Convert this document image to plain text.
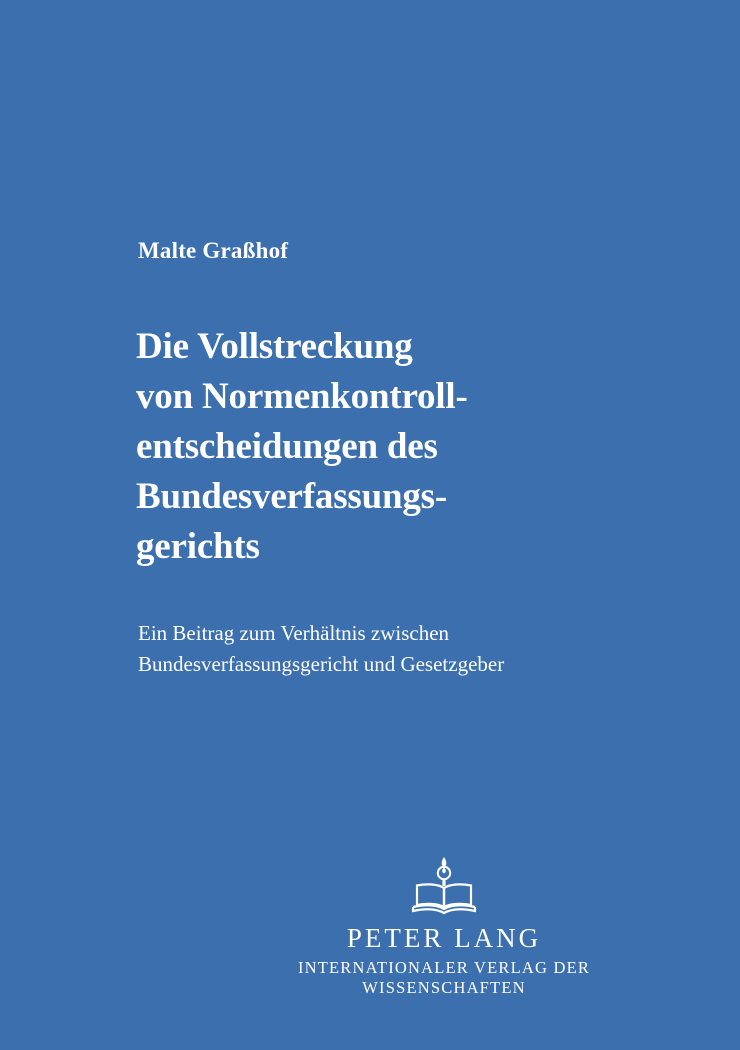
Malte Graßhof
Die Vollstreckung
von Normenkontroll-
entscheidungen des
Bundesverfassungs-
gerichts
Ein Beitrag zum Verhältnis zwischen
Bundesverfassungsgericht und Gesetzgeber
PETER LANG
INTERNATIONALER VERLAG DER WISSENSCHAFTEN
